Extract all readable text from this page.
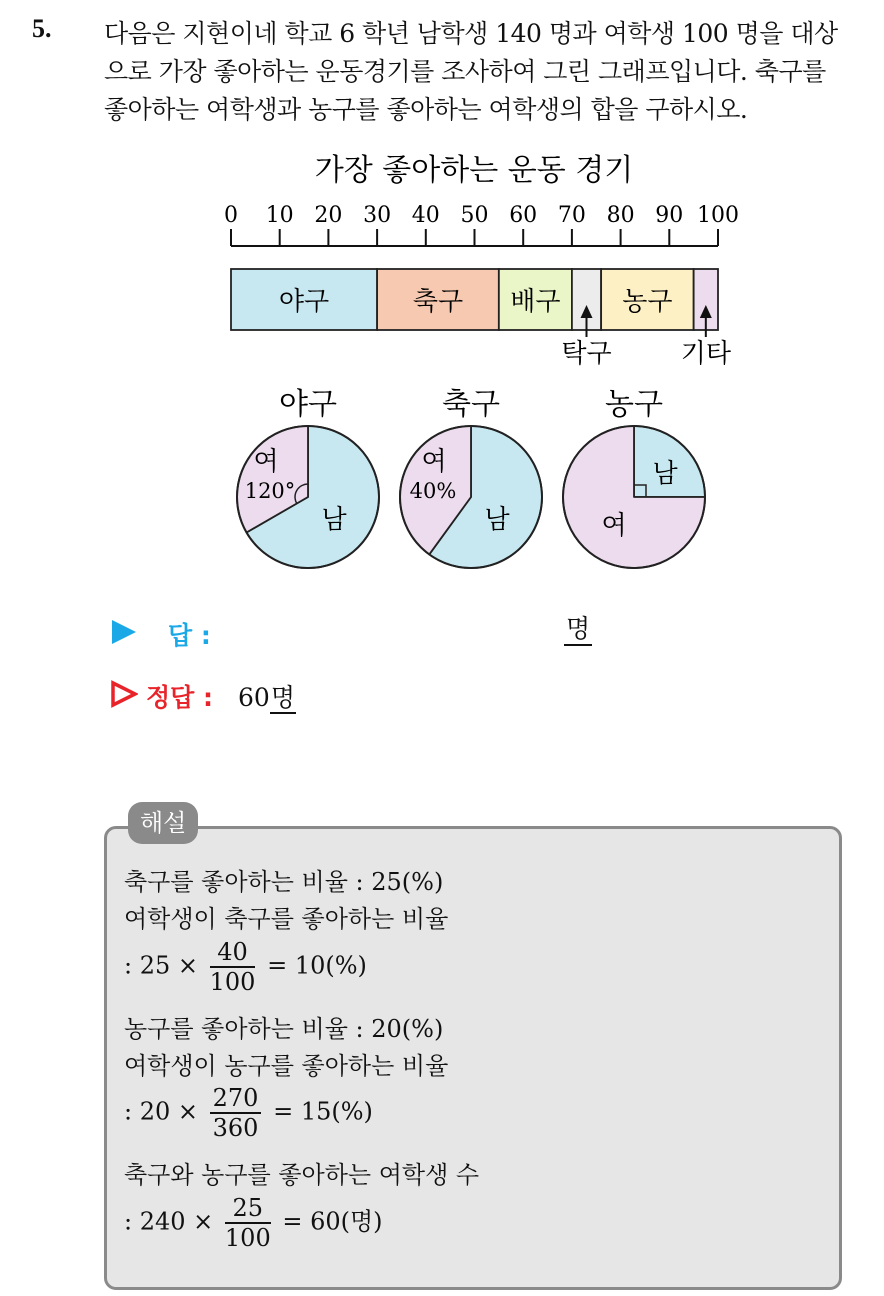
5. 다음은 지현이네 학교 6 학년 남학생 140 명과 여학생 100 명을 대상
으로 가장 좋아하는 운동경기를 조사하여 그린 그래프입니다. 축구를
좋아하는 여학생과 농구를 좋아하는 여학생의 합을 구하시오.
가장 좋아하는 운동 경기
0 10 20 30 40 50 60 70 80 90 100
야구	축구 배구
탁구
농구
기타
야구
남
여
120°
축구
남
여
40%
농구
남
여
답 :	명
정답 : 60명
해설
축구를 좋아하는 비율 : 25(%)
여학생이 축구를 좋아하는 비율
: $25 \times \frac{40}{100} = 10(\%)$
농구를 좋아하는 비율 : 20(%)
여학생이 농구를 좋아하는 비율
: $20 \times \frac{270}{360} = 15(\%)$
축구와 농구를 좋아하는 여학생 수
: $240 \times \frac{25}{100} = 60$(명)
